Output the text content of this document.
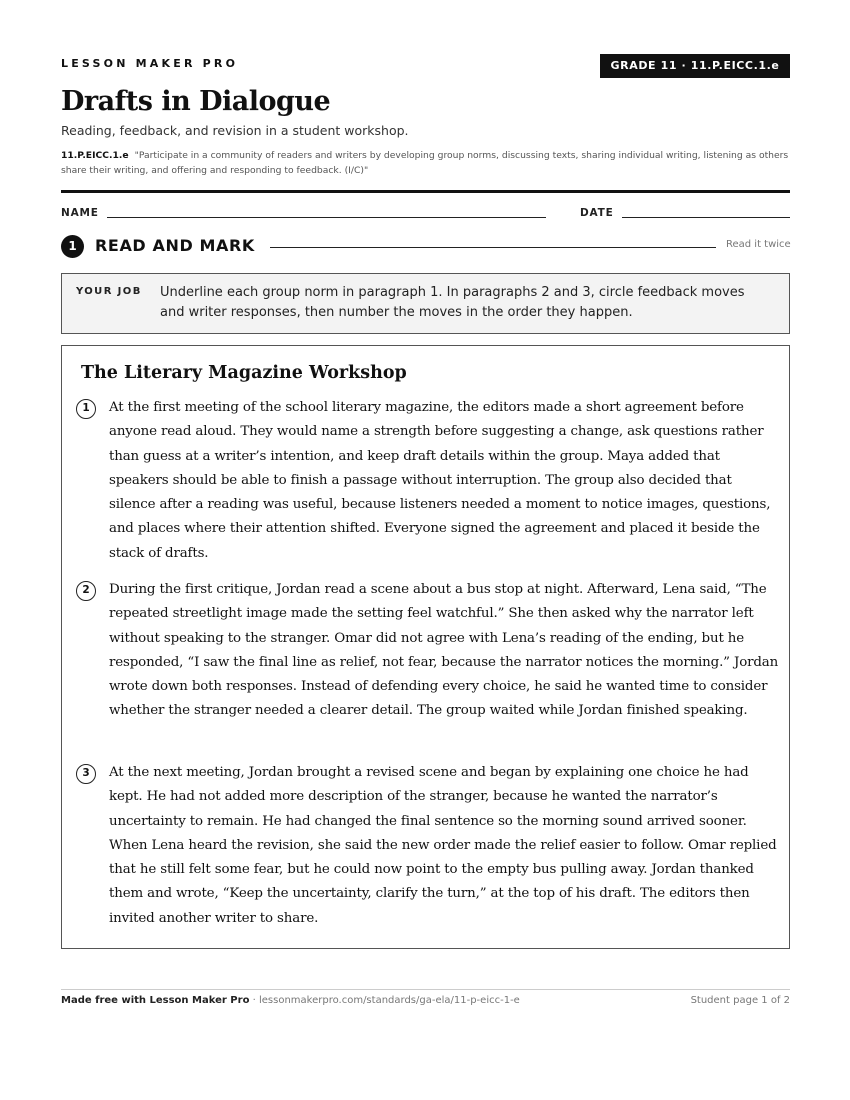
LESSON MAKER PRO	GRADE 11 · 11.P.EICC.1.e
Drafts in Dialogue
Reading, feedback, and revision in a student workshop.
11.P.EICC.1.e "Participate in a community of readers and writers by developing group norms, discussing texts, sharing individual writing, listening as others share their writing, and offering and responding to feedback. (I/C)"
NAME	DATE
1	READ AND MARK	Read it twice
YOUR JOB Underline each group norm in paragraph 1. In paragraphs 2 and 3, circle feedback moves and writer responses, then number the moves in the order they happen.
The Literary Magazine Workshop
1	At the first meeting of the school literary magazine, the editors made a short agreement before anyone read aloud. They would name a strength before suggesting a change, ask questions rather than guess at a writer’s intention, and keep draft details within the group. Maya added that speakers should be able to finish a passage without interruption. The group also decided that silence after a reading was useful, because listeners needed a moment to notice images, questions, and places where their attention shifted. Everyone signed the agreement and placed it beside the stack of drafts.

2	During the first critique, Jordan read a scene about a bus stop at night. Afterward, Lena said, “The repeated streetlight image made the setting feel watchful.” She then asked why the narrator left without speaking to the stranger. Omar did not agree with Lena’s reading of the ending, but he responded, “I saw the final line as relief, not fear, because the narrator notices the morning.” Jordan wrote down both responses. Instead of defending every choice, he said he wanted time to consider whether the stranger needed a clearer detail. The group waited while Jordan finished speaking.

3	At the next meeting, Jordan brought a revised scene and began by explaining one choice he had kept. He had not added more description of the stranger, because he wanted the narrator’s uncertainty to remain. He had changed the final sentence so the morning sound arrived sooner. When Lena heard the revision, she said the new order made the relief easier to follow. Omar replied that he still felt some fear, but he could now point to the empty bus pulling away. Jordan thanked them and wrote, “Keep the uncertainty, clarify the turn,” at the top of his draft. The editors then invited another writer to share.

Made free with Lesson Maker Pro · lessonmakerpro.com/standards/ga-ela/11-p-eicc-1-e	Student page 1 of 2
